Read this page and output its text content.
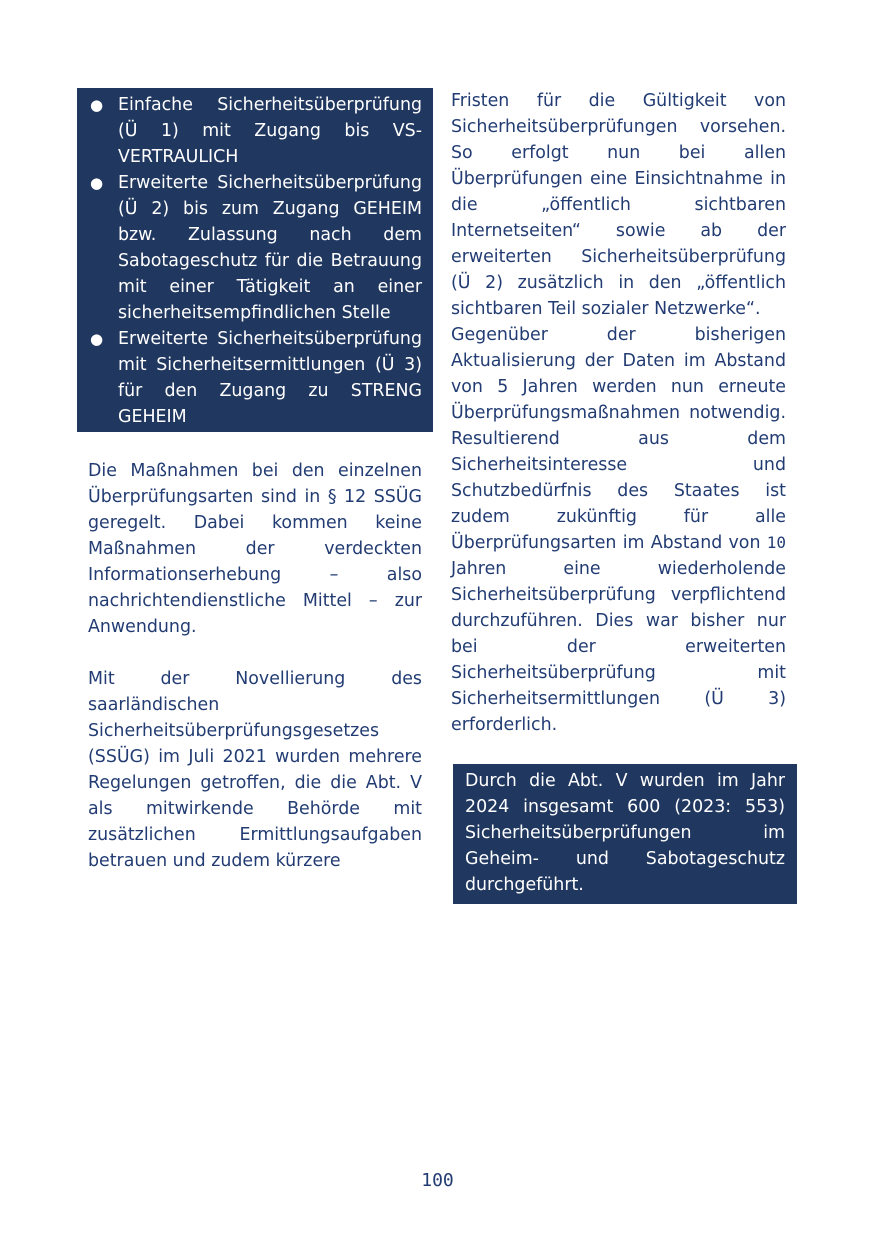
● Einfache Sicherheitsüberprüfung (Ü 1) mit Zugang bis VS-VERTRAULICH
● Erweiterte Sicherheitsüberprüfung (Ü 2) bis zum Zugang GEHEIM bzw. Zulassung nach dem Sabotageschutz für die Betrauung mit einer Tätigkeit an einer sicherheitsempfindlichen Stelle
● Erweiterte Sicherheitsüberprüfung mit Sicherheitsermittlungen (Ü 3) für den Zugang zu STRENG GEHEIM

Die Maßnahmen bei den einzelnen Überprüfungsarten sind in § 12 SSÜG geregelt. Dabei kommen keine Maßnahmen der verdeckten Informationserhebung – also nachrichtendienstliche Mittel – zur Anwendung.

Mit der Novellierung des saarländischen Sicherheitsüberprüfungsgesetzes (SSÜG) im Juli 2021 wurden mehrere Regelungen getroffen, die die Abt. V als mitwirkende Behörde mit zusätzlichen Ermittlungsaufgaben betrauen und zudem kürzere

Fristen für die Gültigkeit von Sicherheitsüberprüfungen vorsehen. So erfolgt nun bei allen Überprüfungen eine Einsichtnahme in die „öffentlich sichtbaren Internetseiten“ sowie ab der erweiterten Sicherheitsüberprüfung (Ü 2) zusätzlich in den „öffentlich sichtbaren Teil sozialer Netzwerke“.

Gegenüber der bisherigen Aktualisierung der Daten im Abstand von 5 Jahren werden nun erneute Überprüfungsmaßnahmen notwendig. Resultierend aus dem Sicherheitsinteresse und Schutzbedürfnis des Staates ist zudem zukünftig für alle Überprüfungsarten im Abstand von 10 Jahren eine wiederholende Sicherheitsüberprüfung verpflichtend durchzuführen. Dies war bisher nur bei der erweiterten Sicherheitsüberprüfung mit Sicherheitsermittlungen (Ü 3) erforderlich.

Durch die Abt. V wurden im Jahr 2024 insgesamt 600 (2023: 553) Sicherheitsüberprüfungen im Geheim- und Sabotageschutz durchgeführt.
100
